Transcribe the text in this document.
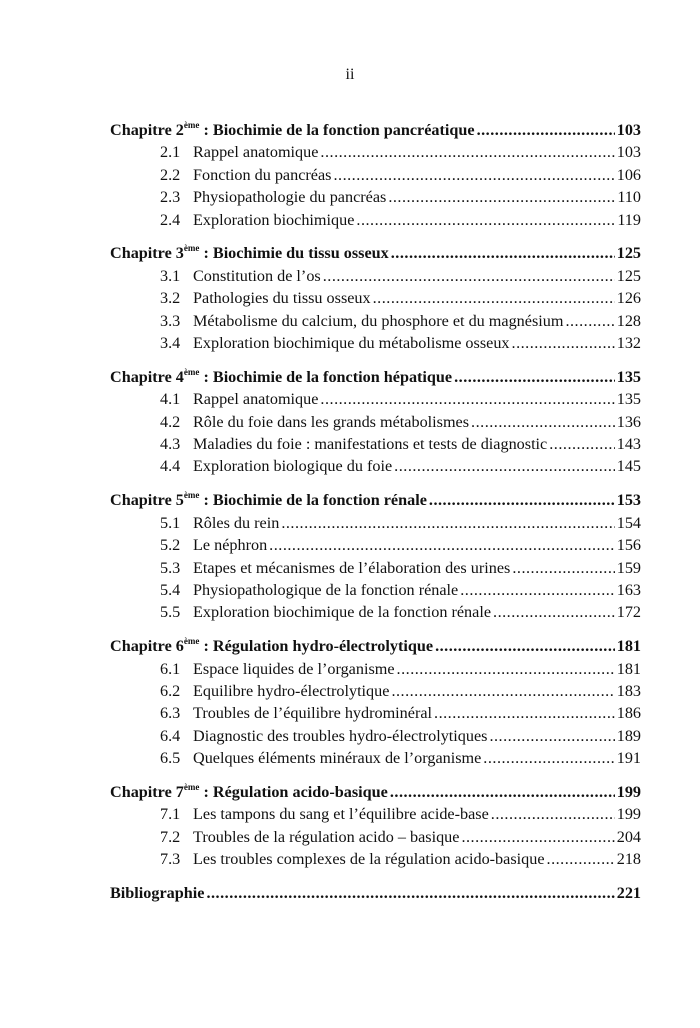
ii
Chapitre 2ème : Biochimie de la fonction pancréatique .....	103
2.1 Rappel anatomique .....	103
2.2 Fonction du pancréas .....	106
2.3 Physiopathologie du pancréas .....	110
2.4 Exploration biochimique .....	119
Chapitre 3ème : Biochimie du tissu osseux .....	125
3.1 Constitution de l’os .....	125
3.2 Pathologies du tissu osseux .....	126
3.3 Métabolisme du calcium, du phosphore et du magnésium .....	128
3.4 Exploration biochimique du métabolisme osseux .....	132
Chapitre 4ème : Biochimie de la fonction hépatique .....	135
4.1 Rappel anatomique .....	135
4.2 Rôle du foie dans les grands métabolismes .....	136
4.3 Maladies du foie : manifestations et tests de diagnostic .....	143
4.4 Exploration biologique du foie .....	145
Chapitre 5ème : Biochimie de la fonction rénale .....	153
5.1 Rôles du rein .....	154
5.2 Le néphron .....	156
5.3 Etapes et mécanismes de l’élaboration des urines .....	159
5.4 Physiopathologique de la fonction rénale .....	163
5.5 Exploration biochimique de la fonction rénale .....	172
Chapitre 6ème : Régulation hydro-électrolytique .....	181
6.1 Espace liquides de l’organisme .....	181
6.2 Equilibre hydro-électrolytique .....	183
6.3 Troubles de l’équilibre hydrominéral .....	186
6.4 Diagnostic des troubles hydro-électrolytiques .....	189
6.5 Quelques éléments minéraux de l’organisme .....	191
Chapitre 7ème : Régulation acido-basique .....	199
7.1 Les tampons du sang et l’équilibre acide-base .....	199
7.2 Troubles de la régulation acido – basique .....	204
7.3 Les troubles complexes de la régulation acido-basique .....	218
Bibliographie .....	221
